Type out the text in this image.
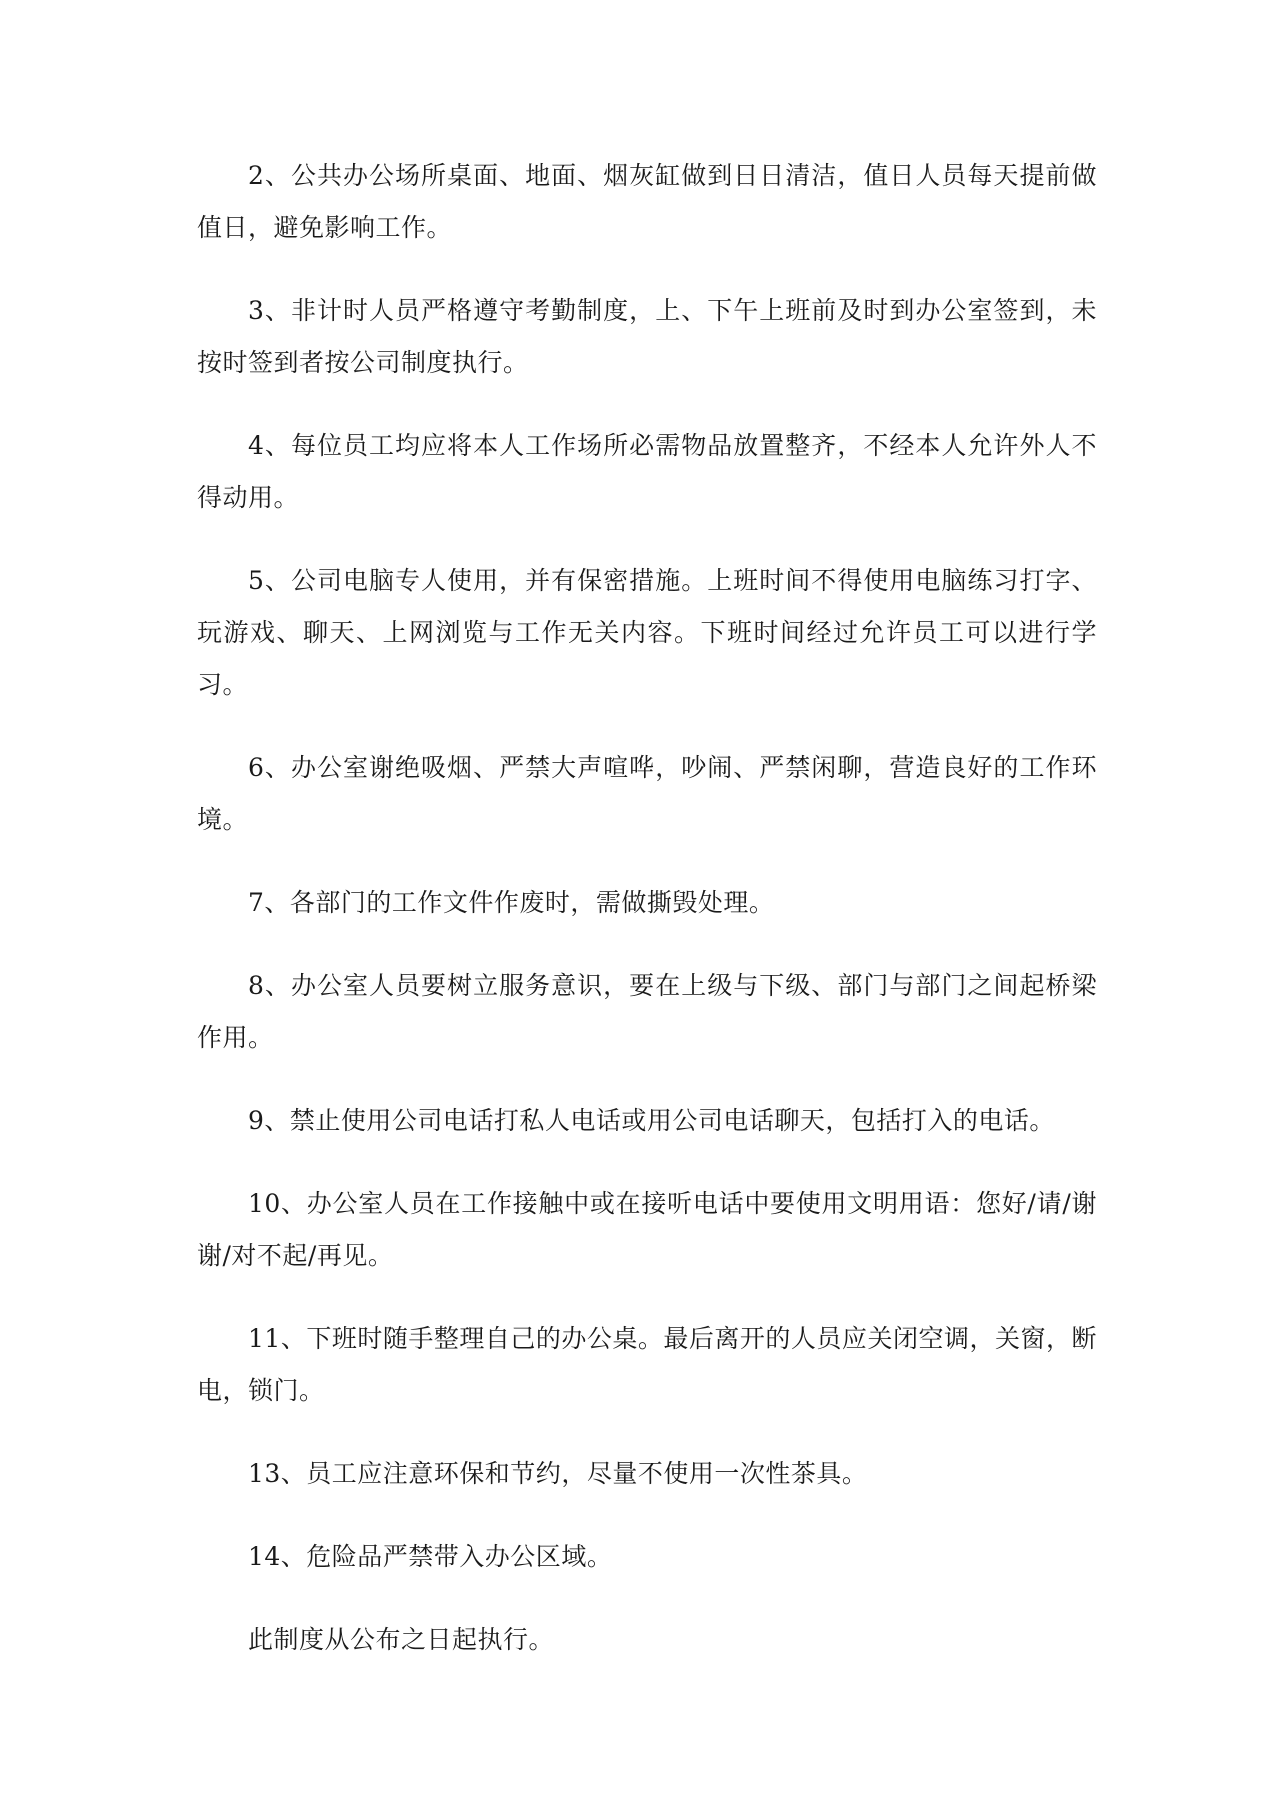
2、公共办公场所桌面、地面、烟灰缸做到日日清洁，值日人员每天提前做值日，避免影响工作。

3、非计时人员严格遵守考勤制度，上、下午上班前及时到办公室签到，未按时签到者按公司制度执行。

4、每位员工均应将本人工作场所必需物品放置整齐，不经本人允许外人不得动用。

5、公司电脑专人使用，并有保密措施。上班时间不得使用电脑练习打字、玩游戏、聊天、上网浏览与工作无关内容。下班时间经过允许员工可以进行学习。

6、办公室谢绝吸烟、严禁大声喧哗，吵闹、严禁闲聊，营造良好的工作环境。

7、各部门的工作文件作废时，需做撕毁处理。

8、办公室人员要树立服务意识，要在上级与下级、部门与部门之间起桥梁作用。

9、禁止使用公司电话打私人电话或用公司电话聊天，包括打入的电话。

10、办公室人员在工作接触中或在接听电话中要使用文明用语：您好/请/谢谢/对不起/再见。

11、下班时随手整理自己的办公桌。最后离开的人员应关闭空调，关窗，断电，锁门。

13、员工应注意环保和节约，尽量不使用一次性茶具。

14、危险品严禁带入办公区域。

此制度从公布之日起执行。
